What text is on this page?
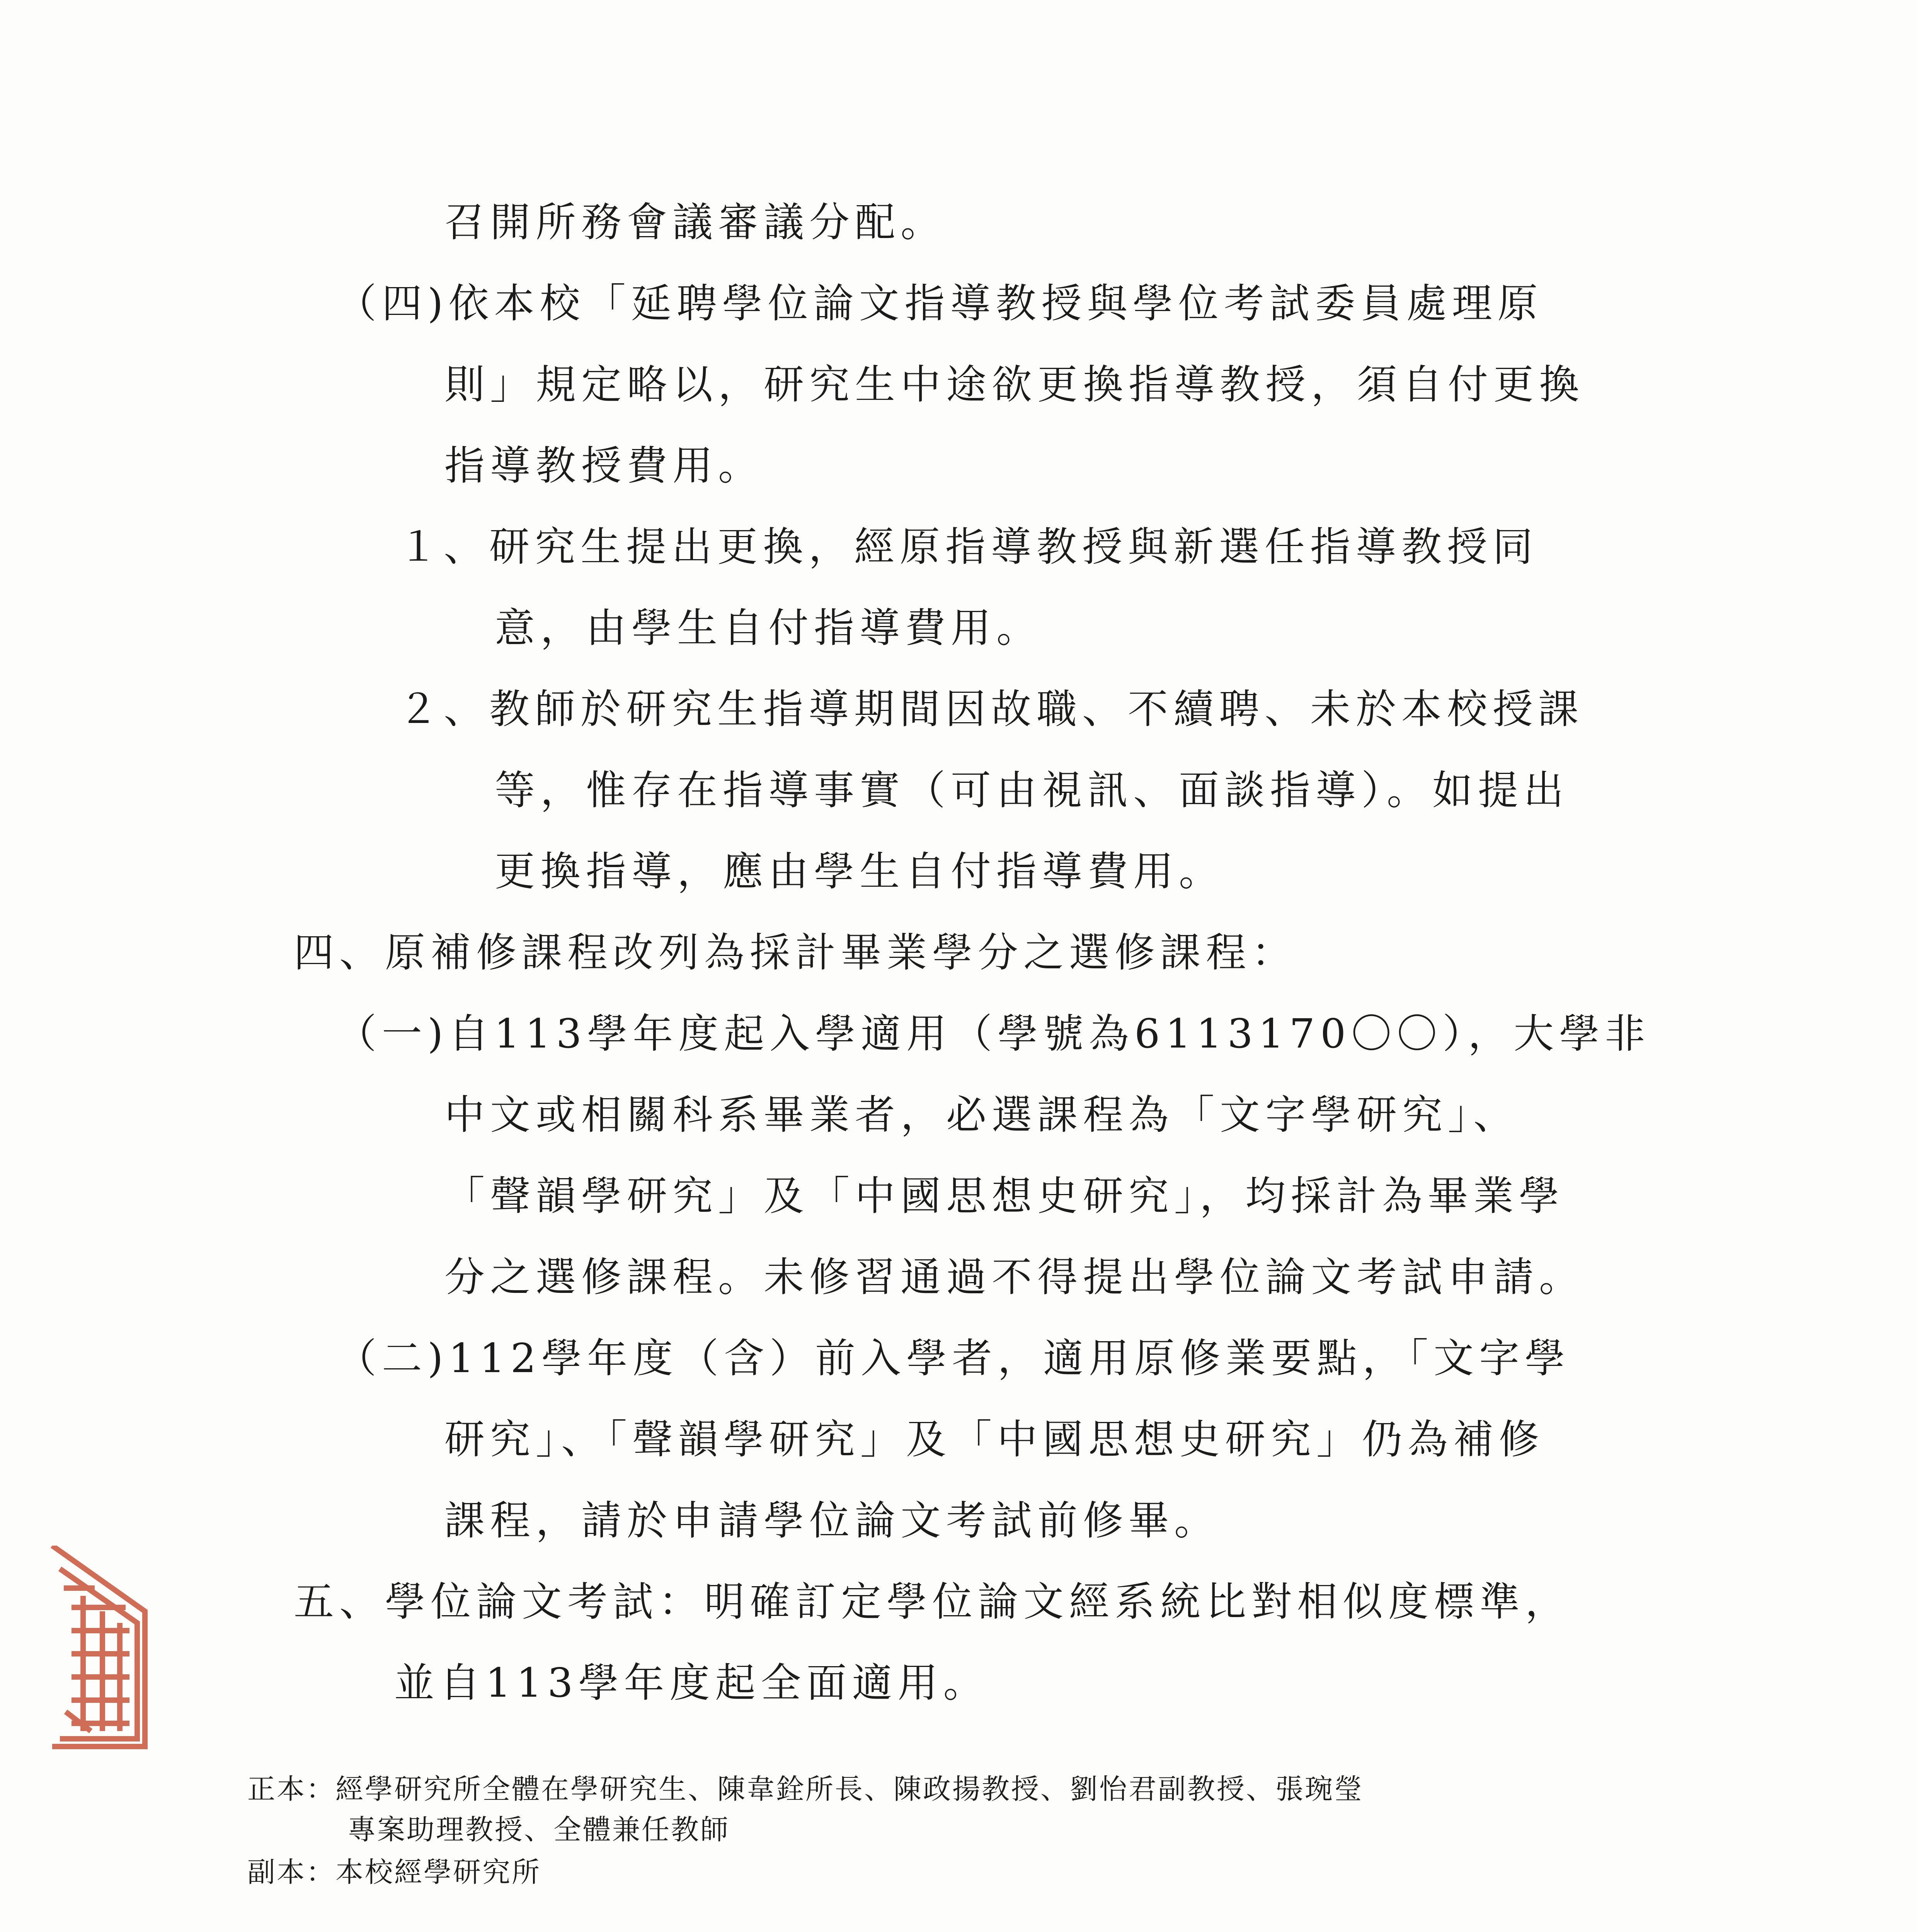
召開所務會議審議分配。

（四)依本校「延聘學位論文指導教授與學位考試委員處理原

則」規定略以，研究生中途欲更換指導教授，須自付更換

指導教授費用。

１、研究生提出更換，經原指導教授與新選任指導教授同

意，由學生自付指導費用。

２、教師於研究生指導期間因故職、不續聘、未於本校授課

等，惟存在指導事實（可由視訊、面談指導）。如提出

更換指導，應由學生自付指導費用。

四、原補修課程改列為採計畢業學分之選修課程：

（一)自113學年度起入學適用（學號為6113170〇〇），大學非

中文或相關科系畢業者，必選課程為「文字學研究」、

「聲韻學研究」及「中國思想史研究」，均採計為畢業學

分之選修課程。未修習通過不得提出學位論文考試申請。

（二)112學年度（含）前入學者，適用原修業要點，「文字學

研究」、「聲韻學研究」及「中國思想史研究」仍為補修

課程，請於申請學位論文考試前修畢。

五、學位論文考試：明確訂定學位論文經系統比對相似度標準，

並自113學年度起全面適用。

正本：經學研究所全體在學研究生、陳韋銓所長、陳政揚教授、劉怡君副教授、張琬瑩

專案助理教授、全體兼任教師

副本：本校經學研究所
